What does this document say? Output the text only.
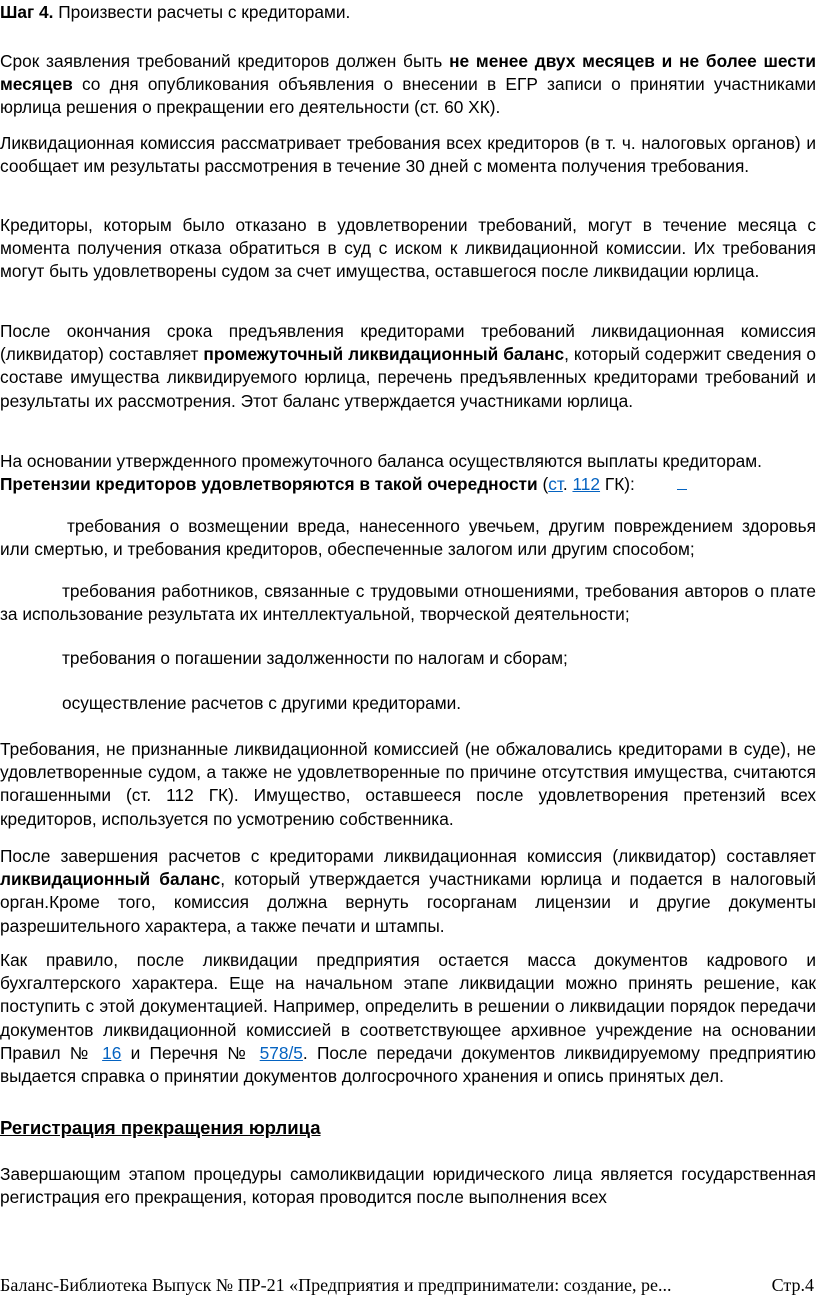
Шаг 4. Произвести расчеты с кредиторами.

Срок заявления требований кредиторов должен быть не менее двух месяцев и не более шести месяцев со дня опубликования объявления о внесении в ЕГР записи о принятии участниками юрлица решения о прекращении его деятельности (ст. 60 ХК).

Ликвидационная комиссия рассматривает требования всех кредиторов (в т. ч. налоговых органов) и сообщает им результаты рассмотрения в течение 30 дней с момента получения требования.

Кредиторы, которым было отказано в удовлетворении требований, могут в течение месяца с момента получения отказа обратиться в суд с иском к ликвидационной комиссии. Их требования могут быть удовлетворены судом за счет имущества, оставшегося после ликвидации юрлица.

После окончания срока предъявления кредиторами требований ликвидационная комиссия (ликвидатор) составляет промежуточный ликвидационный баланс, который содержит сведения о составе имущества ликвидируемого юрлица, перечень предъявленных кредиторами требований и результаты их рассмотрения. Этот баланс утверждается участниками юрлица.

На основании утвержденного промежуточного баланса осуществляются выплаты кредиторам.
Претензии кредиторов удовлетворяются в такой очередности (ст. 112 ГК):

требования о возмещении вреда, нанесенного увечьем, другим повреждением здоровья или смертью, и требования кредиторов, обеспеченные залогом или другим способом;

требования работников, связанные с трудовыми отношениями, требования авторов о плате за использование результата их интеллектуальной, творческой деятельности;

требования о погашении задолженности по налогам и сборам;

осуществление расчетов с другими кредиторами.

Требования, не признанные ликвидационной комиссией (не обжаловались кредиторами в суде), не удовлетворенные судом, а также не удовлетворенные по причине отсутствия имущества, считаются погашенными (ст. 112 ГК). Имущество, оставшееся после удовлетворения претензий всех кредиторов, используется по усмотрению собственника.

После завершения расчетов с кредиторами ликвидационная комиссия (ликвидатор) составляет ликвидационный баланс, который утверждается участниками юрлица и подается в налоговый орган.Кроме того, комиссия должна вернуть госорганам лицензии и другие документы разрешительного характера, а также печати и штампы.

Как правило, после ликвидации предприятия остается масса документов кадрового и бухгалтерского характера. Еще на начальном этапе ликвидации можно принять решение, как поступить с этой документацией. Например, определить в решении о ликвидации порядок передачи документов ликвидационной комиссией в соответствующее архивное учреждение на основании Правил № 16 и Перечня № 578/5. После передачи документов ликвидируемому предприятию выдается справка о принятии документов долгосрочного хранения и опись принятых дел.

Регистрация прекращения юрлица

Завершающим этапом процедуры самоликвидации юридического лица является государственная регистрация его прекращения, которая проводится после выполнения всех

Баланс-Библиотека Выпуск № ПР-21 «Предприятия и предприниматели: создание, ре...	Стр.4
